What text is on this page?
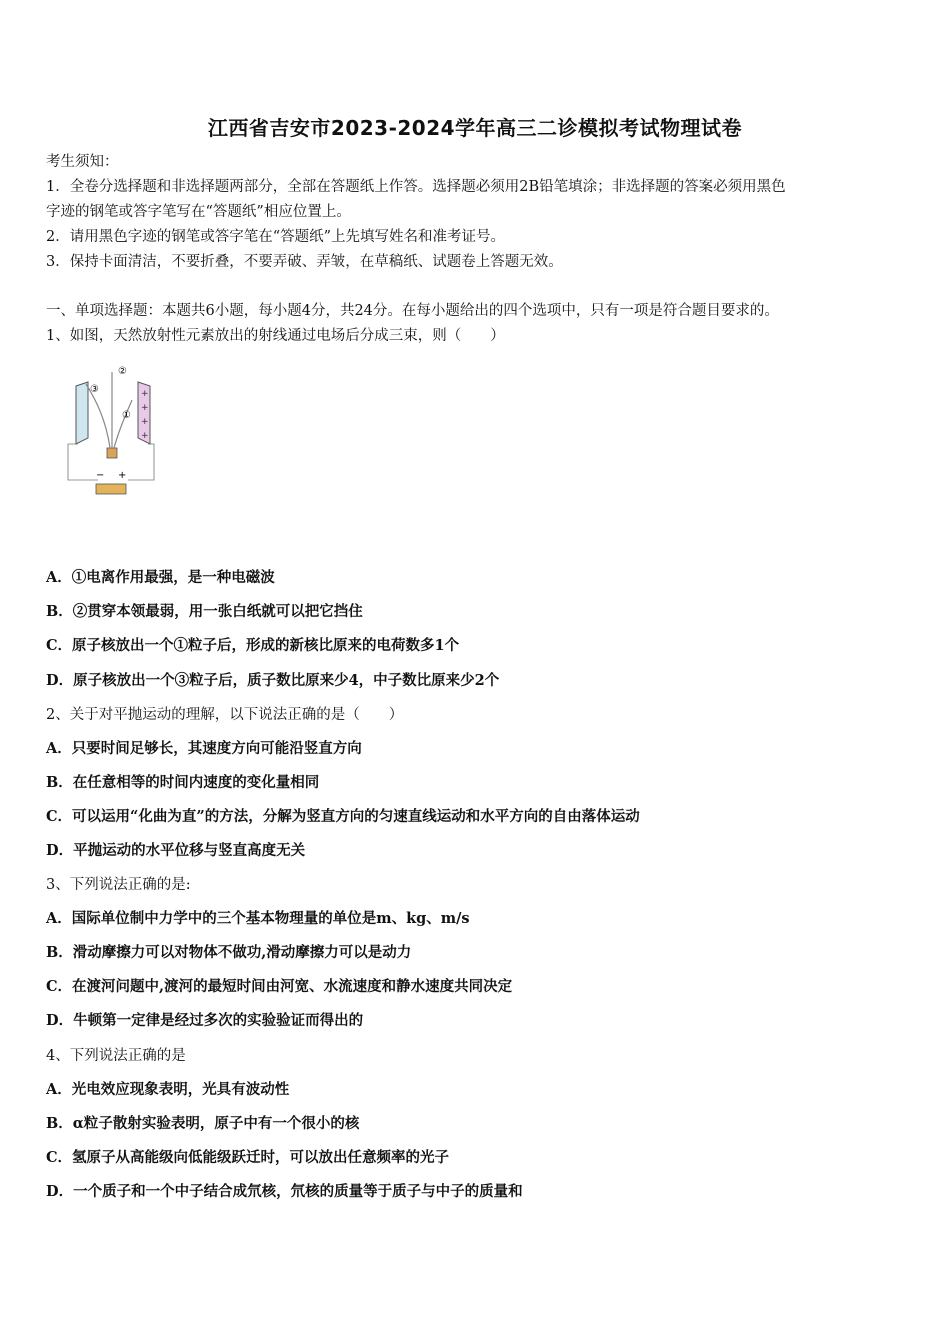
江西省吉安市2023-2024学年高三二诊模拟考试物理试卷
考生须知：
1．全卷分选择题和非选择题两部分，全部在答题纸上作答。选择题必须用2B铅笔填涂；非选择题的答案必须用黑色
字迹的钢笔或答字笔写在“答题纸”相应位置上。
2．请用黑色字迹的钢笔或答字笔在“答题纸”上先填写姓名和准考证号。
3．保持卡面清洁，不要折叠，不要弄破、弄皱，在草稿纸、试题卷上答题无效。
一、单项选择题：本题共6小题，每小题4分，共24分。在每小题给出的四个选项中，只有一项是符合题目要求的。
1、如图，天然放射性元素放出的射线通过电场后分成三束，则（　　）
③
②
①
+
+
+
+
− +
A．①电离作用最强，是一种电磁波
B．②贯穿本领最弱，用一张白纸就可以把它挡住
C．原子核放出一个①粒子后，形成的新核比原来的电荷数多1个
D．原子核放出一个③粒子后，质子数比原来少4，中子数比原来少2个
2、关于对平抛运动的理解，以下说法正确的是（　　）
A．只要时间足够长，其速度方向可能沿竖直方向
B．在任意相等的时间内速度的变化量相同
C．可以运用“化曲为直”的方法，分解为竖直方向的匀速直线运动和水平方向的自由落体运动
D．平抛运动的水平位移与竖直高度无关
3、下列说法正确的是:
A．国际单位制中力学中的三个基本物理量的单位是m、kg、m/s
B．滑动摩擦力可以对物体不做功,滑动摩擦力可以是动力
C．在渡河问题中,渡河的最短时间由河宽、水流速度和静水速度共同决定
D．牛顿第一定律是经过多次的实验验证而得出的
4、下列说法正确的是
A．光电效应现象表明，光具有波动性
B．α粒子散射实验表明，原子中有一个很小的核
C．氢原子从高能级向低能级跃迁时，可以放出任意频率的光子
D．一个质子和一个中子结合成氘核，氘核的质量等于质子与中子的质量和
